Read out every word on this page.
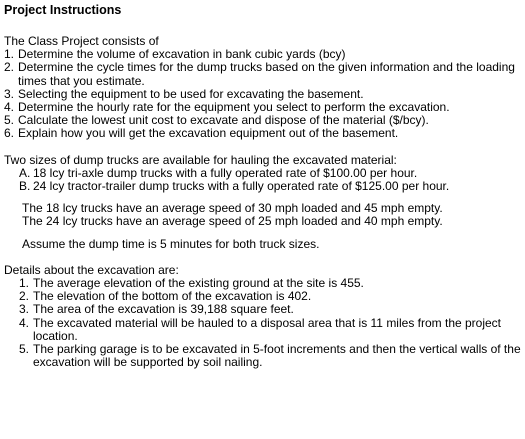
Project Instructions

The Class Project consists of

1. Determine the volume of excavation in bank cubic yards (bcy)
2. Determine the cycle times for the dump trucks based on the given information and the loading times that you estimate.
3. Selecting the equipment to be used for excavating the basement.
4. Determine the hourly rate for the equipment you select to perform the excavation.
5. Calculate the lowest unit cost to excavate and dispose of the material ($/bcy).
6. Explain how you will get the excavation equipment out of the basement.

Two sizes of dump trucks are available for hauling the excavated material:

A. 18 lcy tri-axle dump trucks with a fully operated rate of $100.00 per hour.
B. 24 lcy tractor-trailer dump trucks with a fully operated rate of $125.00 per hour.

The 18 lcy trucks have an average speed of 30 mph loaded and 45 mph empty.

The 24 lcy trucks have an average speed of 25 mph loaded and 40 mph empty.

Assume the dump time is 5 minutes for both truck sizes.

Details about the excavation are:

1. The average elevation of the existing ground at the site is 455.
2. The elevation of the bottom of the excavation is 402.
3. The area of the excavation is 39,188 square feet.
4. The excavated material will be hauled to a disposal area that is 11 miles from the project location.
5. The parking garage is to be excavated in 5-foot increments and then the vertical walls of the excavation will be supported by soil nailing.
